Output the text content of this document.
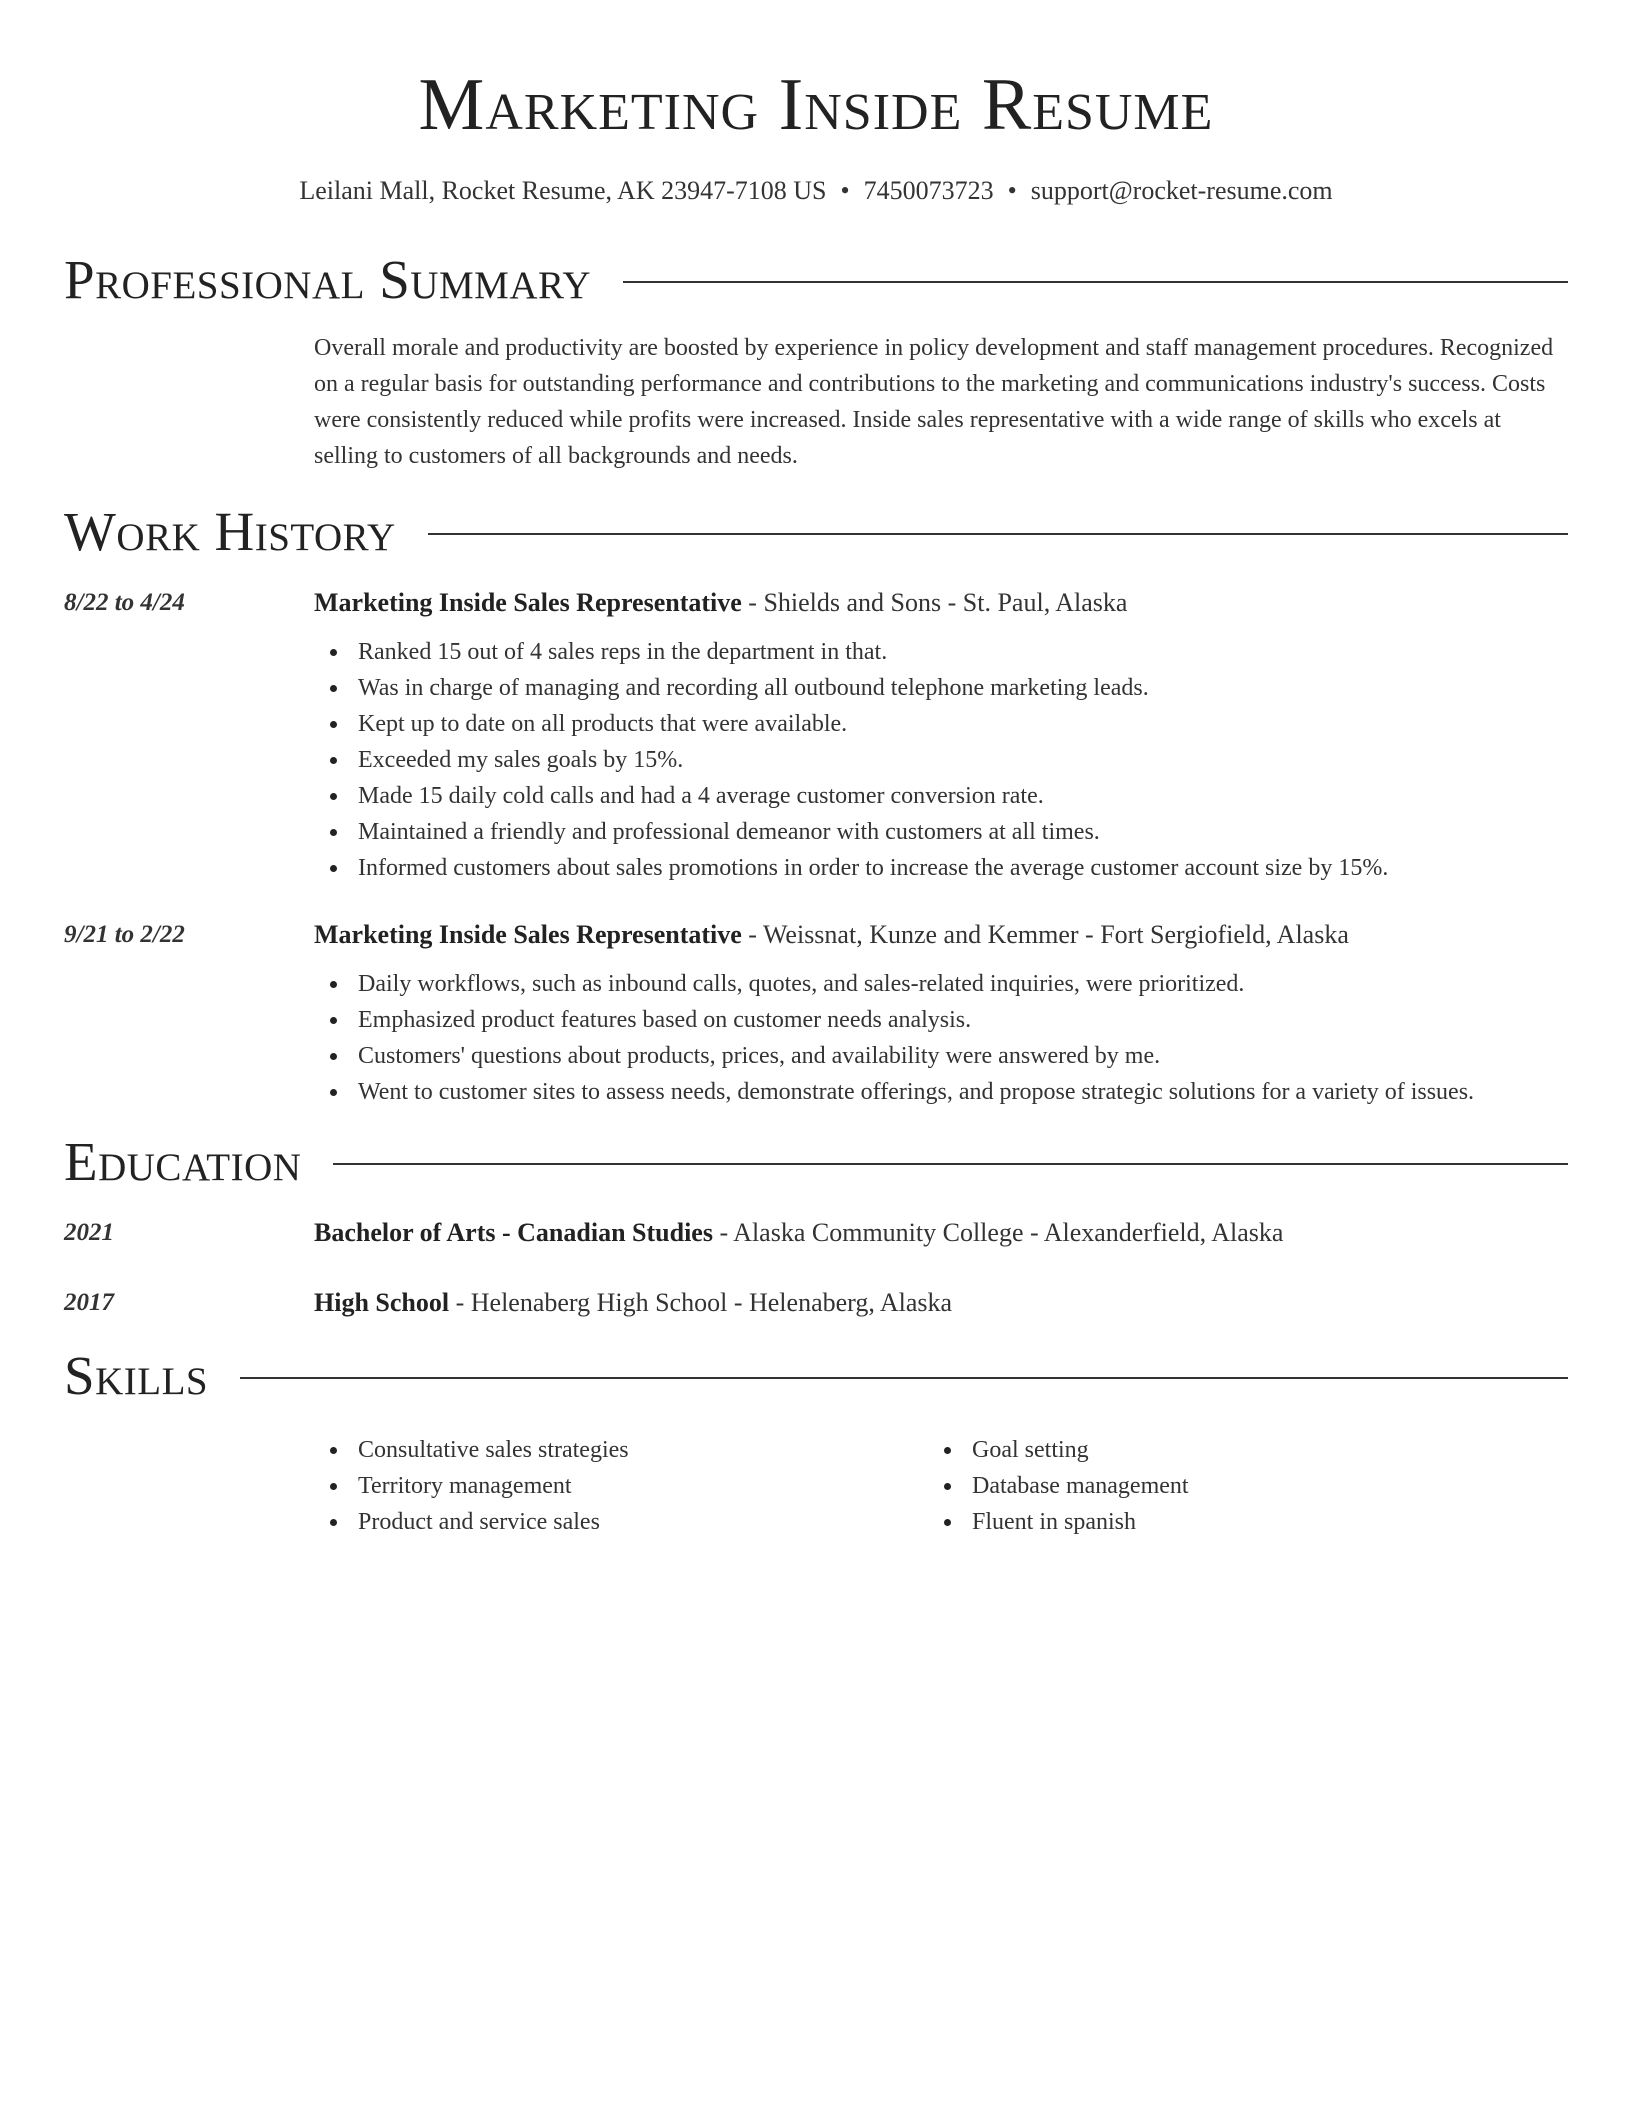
Marketing Inside Resume
Leilani Mall, Rocket Resume, AK 23947-7108 US • 7450073723 • support@rocket-resume.com
Professional Summary

Overall morale and productivity are boosted by experience in policy development and staff management procedures. Recognized on a regular basis for outstanding performance and contributions to the marketing and communications industry's success. Costs were consistently reduced while profits were increased. Inside sales representative with a wide range of skills who excels at selling to customers of all backgrounds and needs.

Work History
8/22 to 4/24	Marketing Inside Sales Representative - Shields and Sons - St. Paul, Alaska
Ranked 15 out of 4 sales reps in the department in that.
Was in charge of managing and recording all outbound telephone marketing leads.
Kept up to date on all products that were available.
Exceeded my sales goals by 15%.
Made 15 daily cold calls and had a 4 average customer conversion rate.
Maintained a friendly and professional demeanor with customers at all times.
Informed customers about sales promotions in order to increase the average customer account size by 15%.
9/21 to 2/22	Marketing Inside Sales Representative - Weissnat, Kunze and Kemmer - Fort Sergiofield, Alaska
Daily workflows, such as inbound calls, quotes, and sales-related inquiries, were prioritized.
Emphasized product features based on customer needs analysis.
Customers' questions about products, prices, and availability were answered by me.
Went to customer sites to assess needs, demonstrate offerings, and propose strategic solutions for a variety of issues.
Education
2021	Bachelor of Arts - Canadian Studies - Alaska Community College - Alexanderfield, Alaska
2017	High School - Helenaberg High School - Helenaberg, Alaska
Skills
Consultative sales strategies
Territory management
Product and service sales
Goal setting
Database management
Fluent in spanish
